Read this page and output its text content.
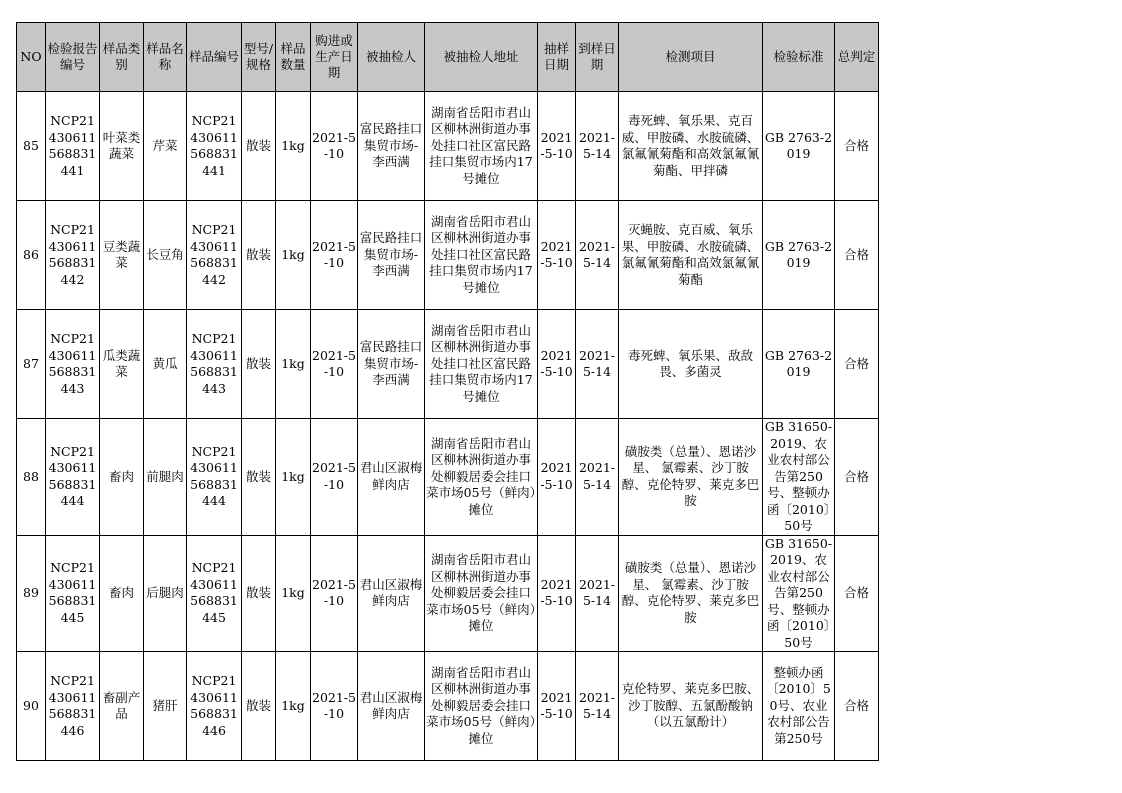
NO	检验报告编号	样品类别	样品名称	样品编号	型号/规格	样品数量	购进或生产日期	被抽检人	被抽检人地址	抽样日期	到样日期	检测项目	检验标准	总判定
85	NCP21430611568831441	叶菜类蔬菜	芹菜	NCP21430611568831441	散装	1kg	2021-5-10	富民路挂口集贸市场-李西满	湖南省岳阳市君山区柳林洲街道办事处挂口社区富民路挂口集贸市场内17号摊位	2021-5-10	2021-5-14	毒死蜱、氧乐果、克百威、甲胺磷、水胺硫磷、氯氟氰菊酯和高效氯氟氰菊酯、甲拌磷	GB 2763-2019	合格
86	NCP21430611568831442	豆类蔬菜	长豆角	NCP21430611568831442	散装	1kg	2021-5-10	富民路挂口集贸市场-李西满	湖南省岳阳市君山区柳林洲街道办事处挂口社区富民路挂口集贸市场内17号摊位	2021-5-10	2021-5-14	灭蝇胺、克百威、氧乐果、甲胺磷、水胺硫磷、氯氟氰菊酯和高效氯氟氰菊酯	GB 2763-2019	合格
87	NCP21430611568831443	瓜类蔬菜	黄瓜	NCP21430611568831443	散装	1kg	2021-5-10	富民路挂口集贸市场-李西满	湖南省岳阳市君山区柳林洲街道办事处挂口社区富民路挂口集贸市场内17号摊位	2021-5-10	2021-5-14	毒死蜱、氧乐果、敌敌畏、多菌灵	GB 2763-2019	合格
88	NCP21430611568831444	畜肉	前腿肉	NCP21430611568831444	散装	1kg	2021-5-10	君山区淑梅鲜肉店	湖南省岳阳市君山区柳林洲街道办事处柳毅居委会挂口菜市场05号（鲜肉）摊位	2021-5-10	2021-5-14	磺胺类（总量）、恩诺沙星、 氯霉素、沙丁胺醇、克伦特罗、莱克多巴胺	GB 31650-2019、农业农村部公告第250号、整顿办函〔2010〕50号	合格
89	NCP21430611568831445	畜肉	后腿肉	NCP21430611568831445	散装	1kg	2021-5-10	君山区淑梅鲜肉店	湖南省岳阳市君山区柳林洲街道办事处柳毅居委会挂口菜市场05号（鲜肉）摊位	2021-5-10	2021-5-14	磺胺类（总量）、恩诺沙星、 氯霉素、沙丁胺醇、克伦特罗、莱克多巴胺	GB 31650-2019、农业农村部公告第250号、整顿办函〔2010〕50号	合格
90	NCP21430611568831446	畜副产品	猪肝	NCP21430611568831446	散装	1kg	2021-5-10	君山区淑梅鲜肉店	湖南省岳阳市君山区柳林洲街道办事处柳毅居委会挂口菜市场05号（鲜肉）摊位	2021-5-10	2021-5-14	克伦特罗、莱克多巴胺、沙丁胺醇、五氯酚酸钠（以五氯酚计）	整顿办函〔2010〕50号、农业农村部公告第250号	合格
